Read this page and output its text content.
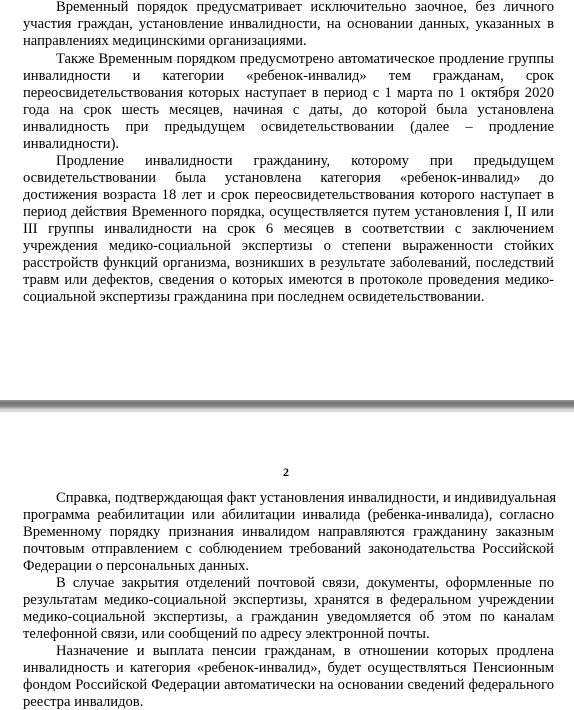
Временный порядок предусматривает исключительно заочное, без личного
участия граждан, установление инвалидности, на основании данных, указанных в
направлениях медицинскими организациями.
Также Временным порядком предусмотрено автоматическое продление группы
инвалидности и категории «ребенок-инвалид» тем гражданам, срок
переосвидетельствования которых наступает в период с 1 марта по 1 октября 2020
года на срок шесть месяцев, начиная с даты, до которой была установлена
инвалидность при предыдущем освидетельствовании (далее – продление
инвалидности).
Продление инвалидности гражданину, которому при предыдущем
освидетельствовании была установлена категория «ребенок-инвалид» до
достижения возраста 18 лет и срок переосвидетельствования которого наступает в
период действия Временного порядка, осуществляется путем установления I, II или
III группы инвалидности на срок 6 месяцев в соответствии с заключением
учреждения медико-социальной экспертизы о степени выраженности стойких
расстройств функций организма, возникших в результате заболеваний, последствий
травм или дефектов, сведения о которых имеются в протоколе проведения медико-
социальной экспертизы гражданина при последнем освидетельствовании.
2
Справка, подтверждающая факт установления инвалидности, и индивидуальная
программа реабилитации или абилитации инвалида (ребенка-инвалида), согласно
Временному порядку признания инвалидом направляются гражданину заказным
почтовым отправлением с соблюдением требований законодательства Российской
Федерации о персональных данных.
В случае закрытия отделений почтовой связи, документы, оформленные по
результатам медико-социальной экспертизы, хранятся в федеральном учреждении
медико-социальной экспертизы, а гражданин уведомляется об этом по каналам
телефонной связи, или сообщений по адресу электронной почты.
Назначение и выплата пенсии гражданам, в отношении которых продлена
инвалидность и категория «ребенок-инвалид», будет осуществляться Пенсионным
фондом Российской Федерации автоматически на основании сведений федерального
реестра инвалидов.
